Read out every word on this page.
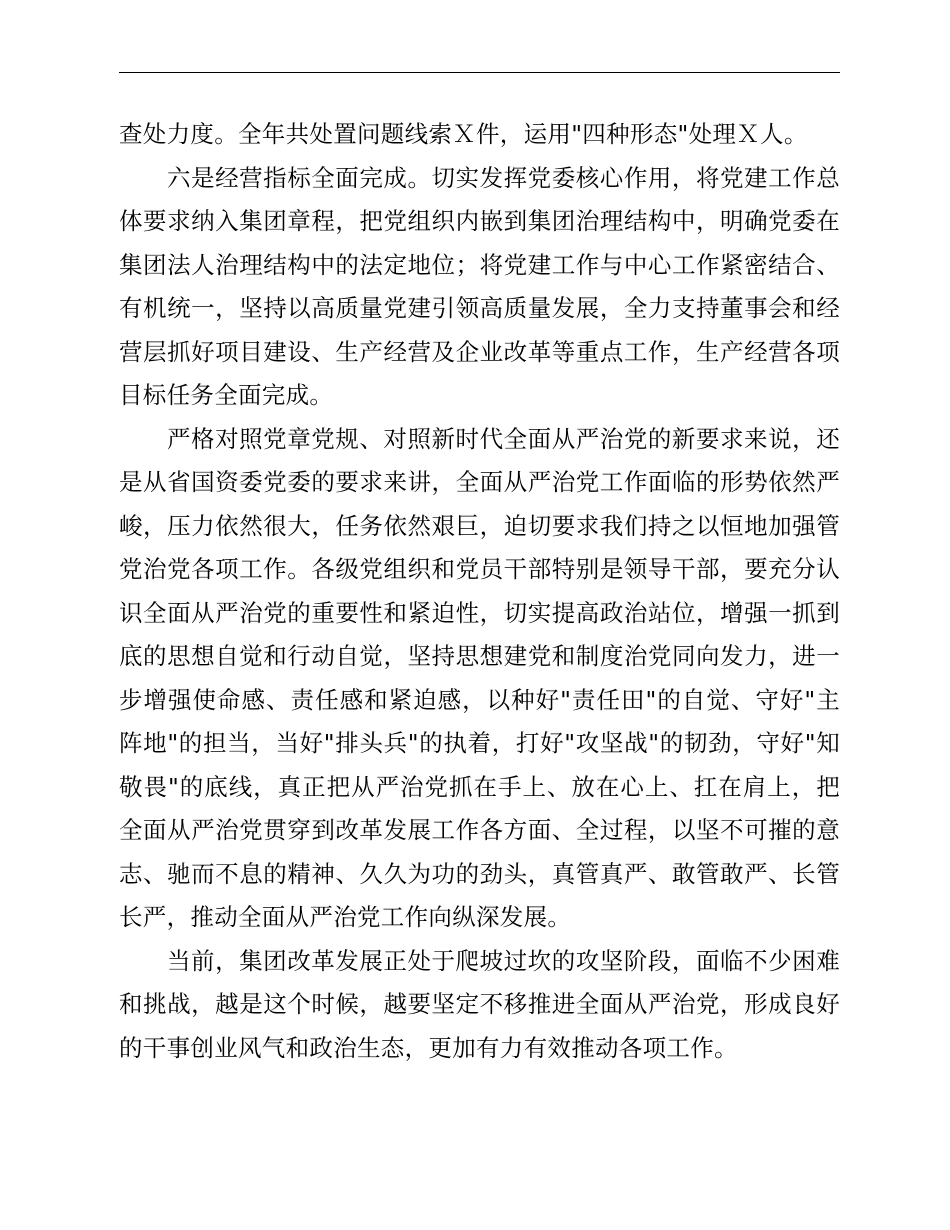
查处力度。全年共处置问题线索Ｘ件，运用"四种形态"处理Ｘ人。

六是经营指标全面完成。切实发挥党委核心作用，将党建工作总体要求纳入集团章程，把党组织内嵌到集团治理结构中，明确党委在集团法人治理结构中的法定地位；将党建工作与中心工作紧密结合、有机统一，坚持以高质量党建引领高质量发展，全力支持董事会和经营层抓好项目建设、生产经营及企业改革等重点工作，生产经营各项目标任务全面完成。

严格对照党章党规、对照新时代全面从严治党的新要求来说，还是从省国资委党委的要求来讲，全面从严治党工作面临的形势依然严峻，压力依然很大，任务依然艰巨，迫切要求我们持之以恒地加强管党治党各项工作。各级党组织和党员干部特别是领导干部，要充分认识全面从严治党的重要性和紧迫性，切实提高政治站位，增强一抓到底的思想自觉和行动自觉，坚持思想建党和制度治党同向发力，进一步增强使命感、责任感和紧迫感，以种好"责任田"的自觉、守好"主阵地"的担当，当好"排头兵"的执着，打好"攻坚战"的韧劲，守好"知敬畏"的底线，真正把从严治党抓在手上、放在心上、扛在肩上，把全面从严治党贯穿到改革发展工作各方面、全过程，以坚不可摧的意志、驰而不息的精神、久久为功的劲头，真管真严、敢管敢严、长管长严，推动全面从严治党工作向纵深发展。

当前，集团改革发展正处于爬坡过坎的攻坚阶段，面临不少困难和挑战，越是这个时候，越要坚定不移推进全面从严治党，形成良好的干事创业风气和政治生态，更加有力有效推动各项工作。
